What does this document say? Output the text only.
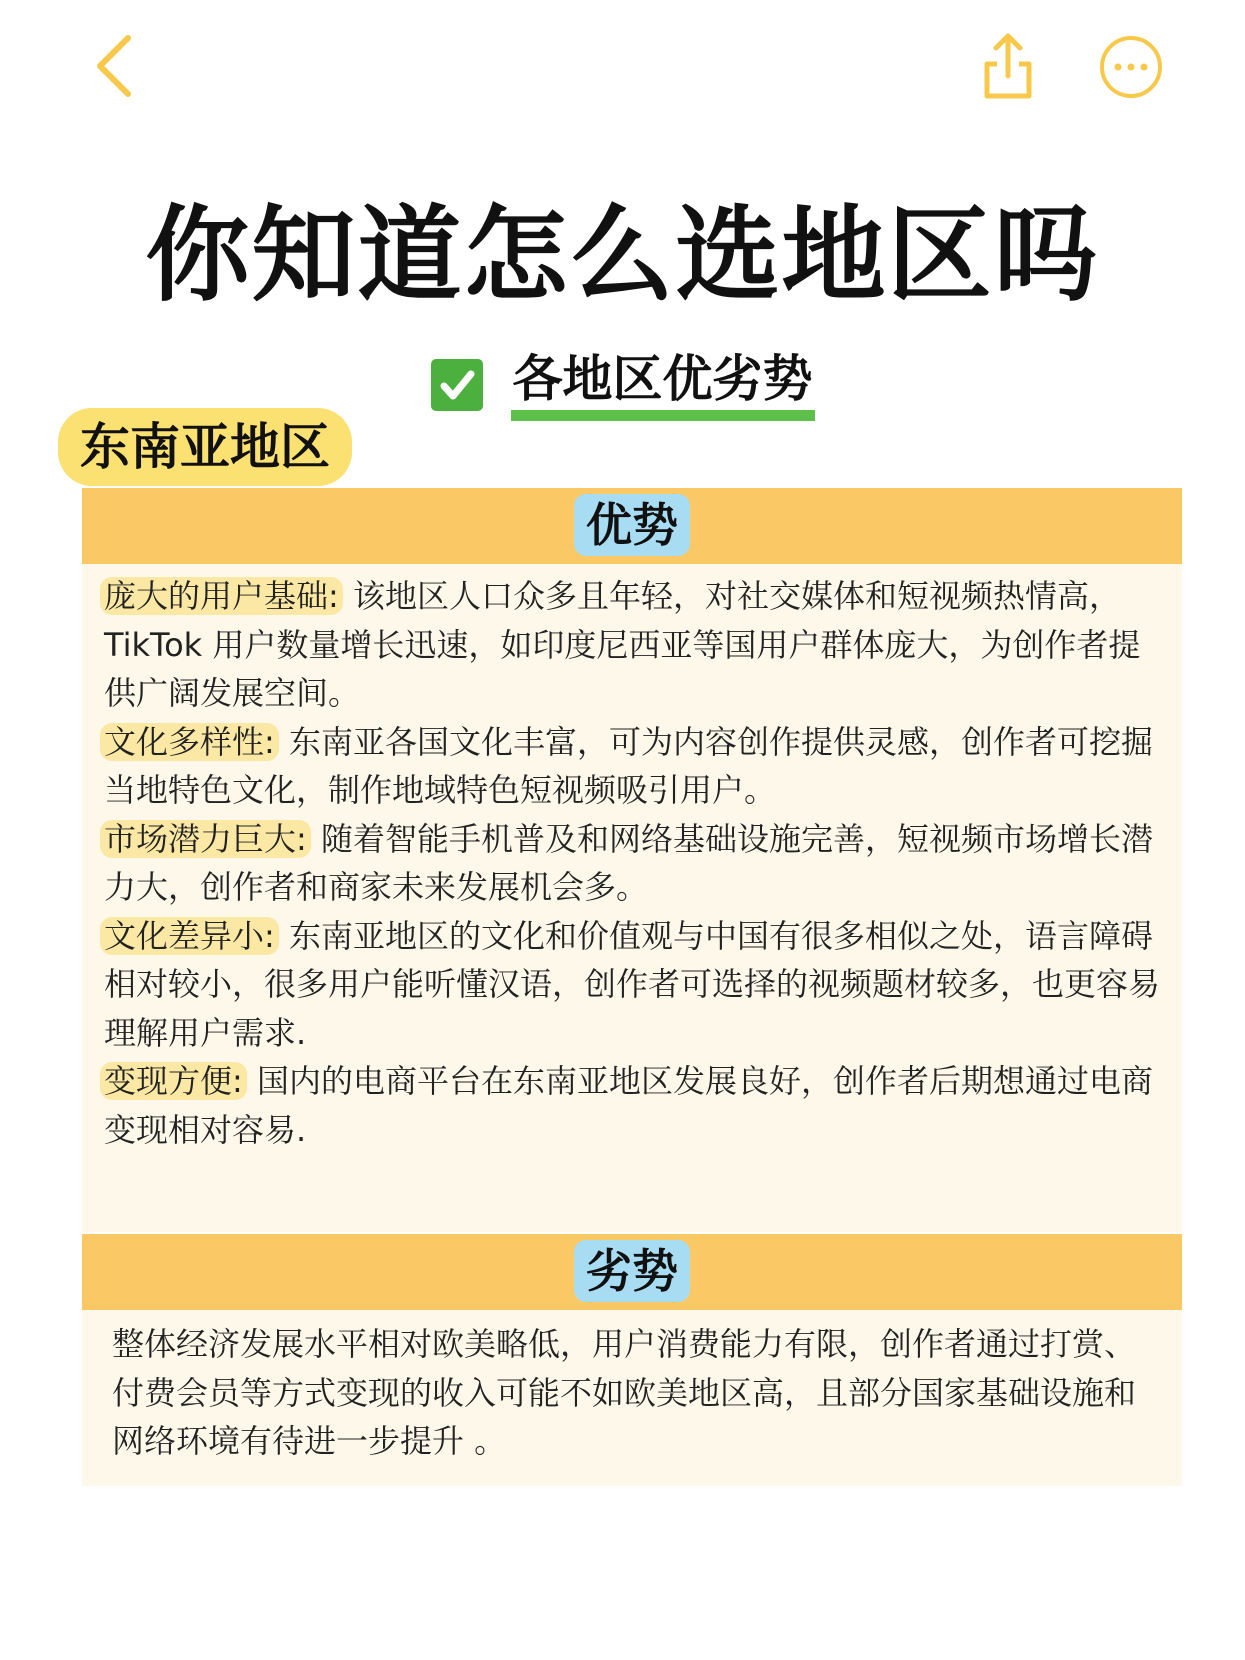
你知道怎么选地区吗
各地区优劣势
东南亚地区
优势

庞大的用户基础: 该地区人口众多且年轻，对社交媒体和短视频热情高，TikTok 用户数量增长迅速，如印度尼西亚等国用户群体庞大，为创作者提供广阔发展空间。

文化多样性: 东南亚各国文化丰富，可为内容创作提供灵感，创作者可挖掘当地特色文化，制作地域特色短视频吸引用户。

市场潜力巨大: 随着智能手机普及和网络基础设施完善，短视频市场增长潜力大，创作者和商家未来发展机会多。

文化差异小: 东南亚地区的文化和价值观与中国有很多相似之处，语言障碍相对较小，很多用户能听懂汉语，创作者可选择的视频题材较多，也更容易理解用户需求.

变现方便: 国内的电商平台在东南亚地区发展良好，创作者后期想通过电商变现相对容易.

劣势
整体经济发展水平相对欧美略低，用户消费能力有限，创作者通过打赏、付费会员等方式变现的收入可能不如欧美地区高，且部分国家基础设施和网络环境有待进一步提升 。
